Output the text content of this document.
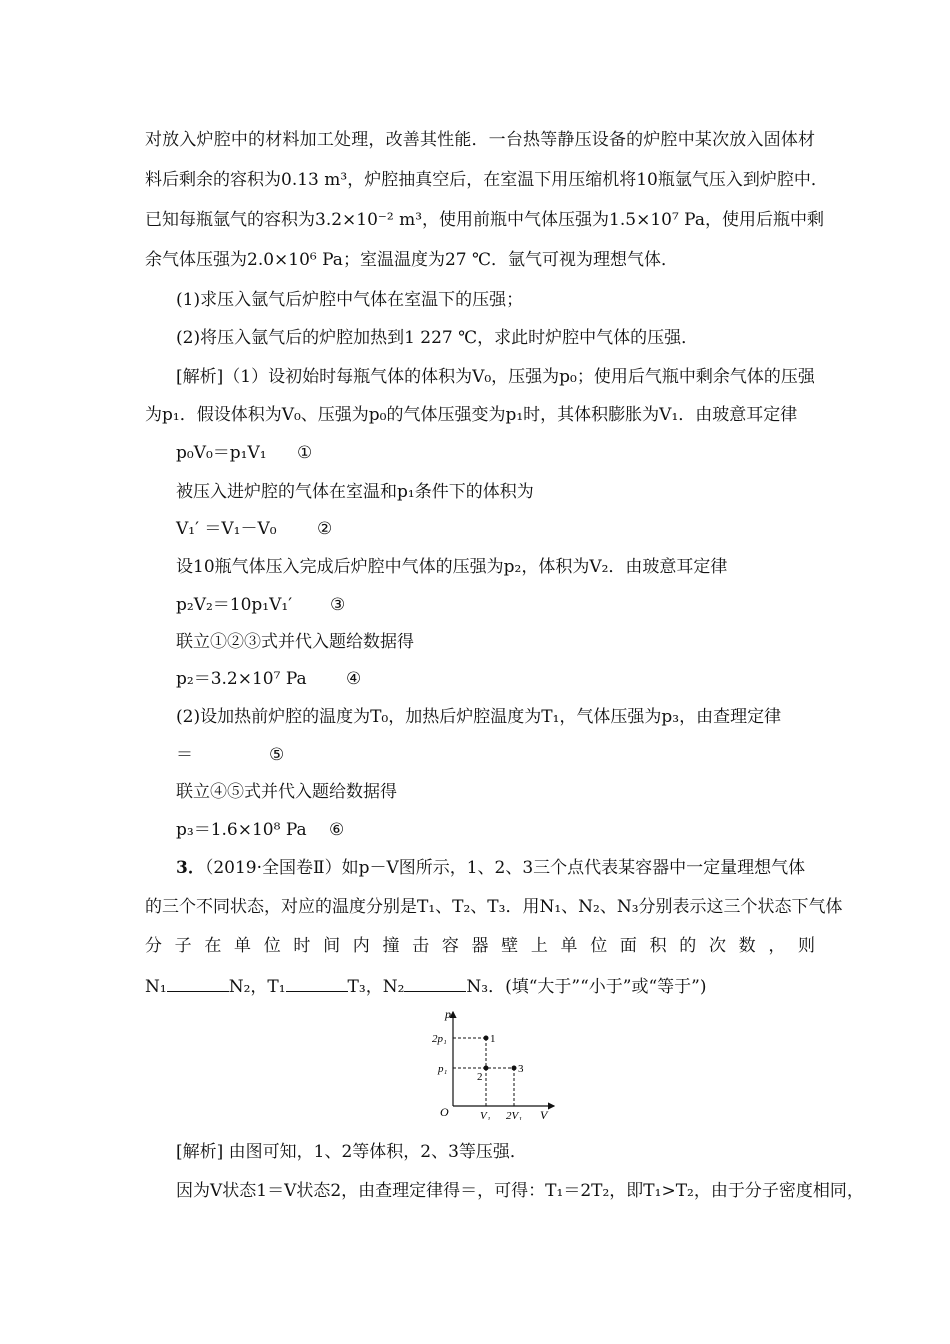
对放入炉腔中的材料加工处理，改善其性能．一台热等静压设备的炉腔中某次放入固体材
料后剩余的容积为0.13 m³，炉腔抽真空后，在室温下用压缩机将10瓶氩气压入到炉腔中．
已知每瓶氩气的容积为3.2×10⁻² m³，使用前瓶中气体压强为1.5×10⁷ Pa，使用后瓶中剩
余气体压强为2.0×10⁶ Pa；室温温度为27 ℃．氩气可视为理想气体．
(1)求压入氩气后炉腔中气体在室温下的压强；
(2)将压入氩气后的炉腔加热到1 227 ℃，求此时炉腔中气体的压强．
[解析]（1）设初始时每瓶气体的体积为V₀，压强为p₀；使用后气瓶中剩余气体的压强
为p₁．假设体积为V₀、压强为p₀的气体压强变为p₁时，其体积膨胀为V₁．由玻意耳定律
p₀V₀＝p₁V₁	①
被压入进炉腔的气体在室温和p₁条件下的体积为
V₁′ ＝V₁－V₀	②
设10瓶气体压入完成后炉腔中气体的压强为p₂，体积为V₂．由玻意耳定律
p₂V₂＝10p₁V₁′	③
联立①②③式并代入题给数据得
p₂＝3.2×10⁷ Pa	④
(2)设加热前炉腔的温度为T₀，加热后炉腔温度为T₁，气体压强为p₃，由查理定律
＝	⑤
联立④⑤式并代入题给数据得
p₃＝1.6×10⁸ Pa	⑥
3．（2019·全国卷Ⅱ）如p－V图所示，1、2、3三个点代表某容器中一定量理想气体
的三个不同状态，对应的温度分别是T₁、T₂、T₃．用N₁、N₂、N₃分别表示这三个状态下气体
分子在单位时间内撞击容器壁上单位面积的次数，则
N₁	N₂，T₁	T₃，N₂	N₃．(填“大于”“小于”或“等于”)
p
V
O
2p₁
p₁
V₁ 2V₁
1
2
3
[解析] 由图可知，1、2等体积，2、3等压强．
因为V状态1＝V状态2，由查理定律得＝，可得：T₁＝2T₂，即T₁>T₂，由于分子密度相同，
